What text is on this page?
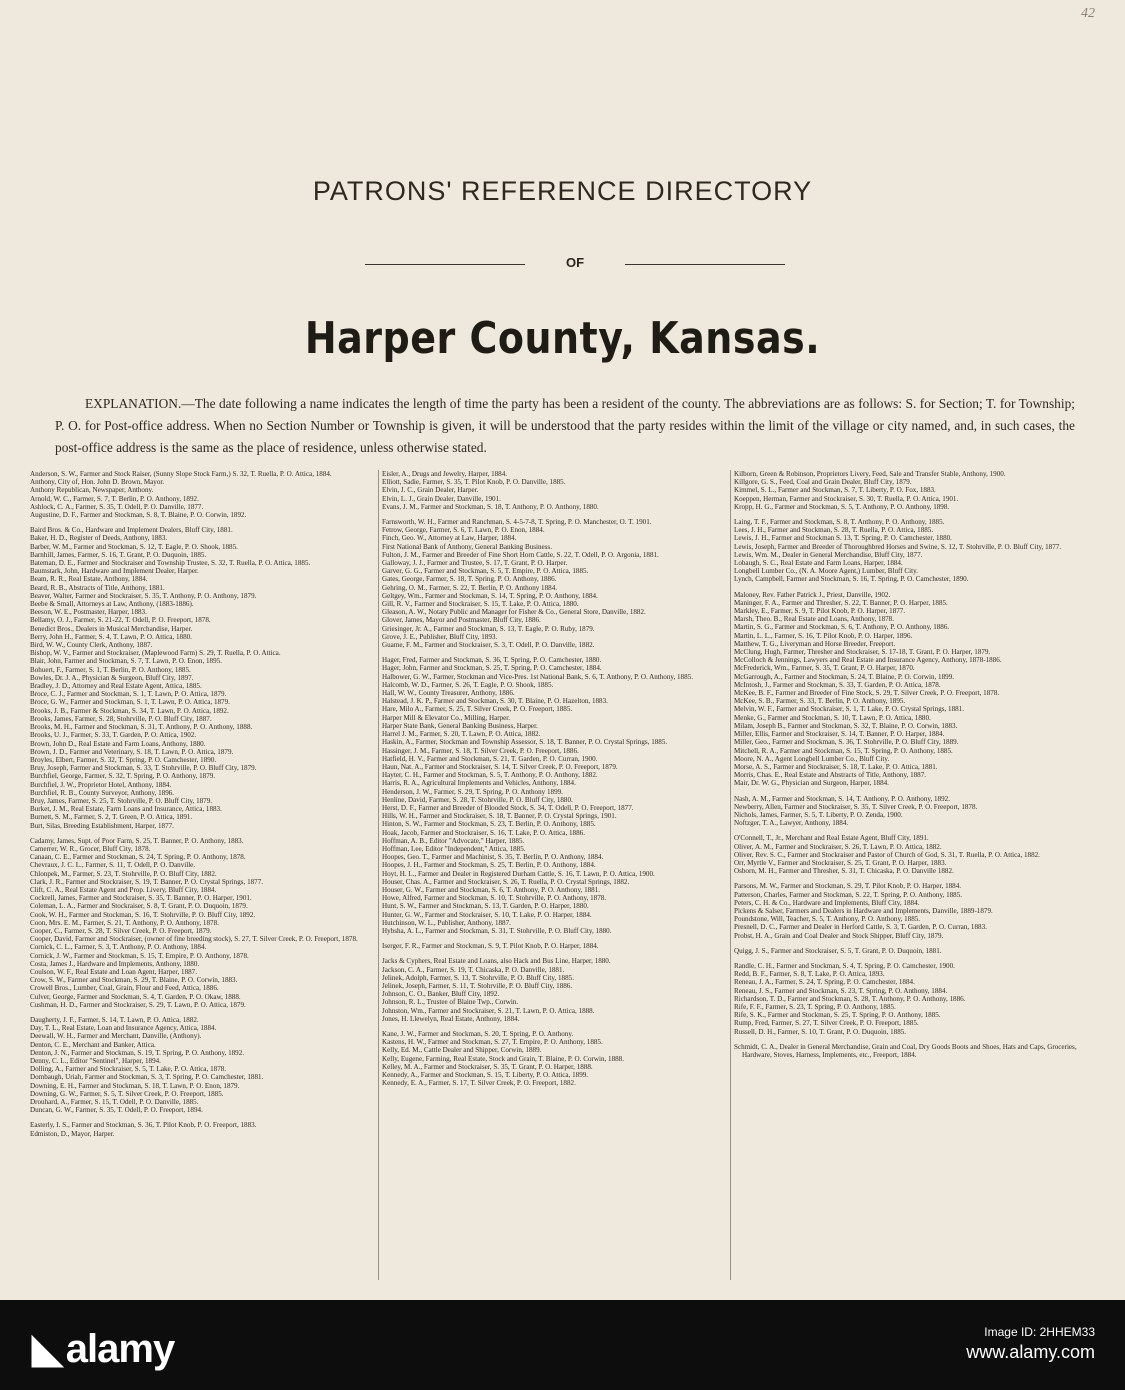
42
PATRONS' REFERENCE DIRECTORY
OF
Harper County, Kansas.
EXPLANATION.—The date following a name indicates the length of time the party has been a resident of the county. The abbreviations are as follows: S. for Section; T. for Township; P. O. for Post-office address. When no Section Number or Township is given, it will be understood that the party resides within the limit of the village or city named, and, in such cases, the post-office address is the same as the place of residence, unless otherwise stated.

Anderson, S. W., Farmer and Stock Raiser, (Sunny Slope Stock Farm,) S. 32, T. Ruella, P. O. Attica, 1884.

Anthony, City of, Hon. John D. Brown, Mayor.

Anthony Republican, Newspaper, Anthony.

Arnold, W. C., Farmer, S. 7, T. Berlin, P. O. Anthony, 1892.

Ashlock, C. A., Farmer, S. 35, T. Odell, P. O. Danville, 1877.

Augustine, D. F., Farmer and Stockman, S. 8, T. Blaine, P. O. Corwin, 1892.

Baird Bros. & Co., Hardware and Implement Dealers, Bluff City, 1881.

Baker, H. D., Register of Deeds, Anthony, 1883.

Barber, W. M., Farmer and Stockman, S. 12, T. Eagle, P. O. Shook, 1885.

Barnhill, James, Farmer, S. 16, T. Grant, P. O. Duquoin, 1885.

Bateman, D. E., Farmer and Stockraiser and Township Trustee, S. 32, T. Ruella, P. O. Attica, 1885.

Baumstark, John, Hardware and Implement Dealer, Harper.

Beam, R. R., Real Estate, Anthony, 1884.

Beard, R. B., Abstracts of Title, Anthony, 1881.

Beaver, Walter, Farmer and Stockraiser, S. 35, T. Anthony, P. O. Anthony, 1879.

Beebe & Small, Attorneys at Law, Anthony, (1883-1886).

Beeson, W. E., Postmaster, Harper, 1883.

Bellamy, O. J., Farmer, S. 21-22, T. Odell, P. O. Freeport, 1878.

Benedict Bros., Dealers in Musical Merchandise, Harper.

Berry, John H., Farmer, S. 4, T. Lawn, P. O. Attica, 1880.

Bird, W. W., County Clerk, Anthony, 1887.

Bishop, W. V., Farmer and Stockraiser, (Maplewood Farm) S. 29, T. Ruella, P. O. Attica.

Blair, John, Farmer and Stockman, S. 7, T. Lawn, P. O. Enon, 1895.

Bohuert, F., Farmer, S. 1, T. Berlin, P. O. Anthony, 1885.

Bowles, Dr. J. A., Physician & Surgeon, Bluff City, 1897.

Bradley, J. D., Attorney and Real Estate Agent, Attica, 1885.

Broce, C. J., Farmer and Stockman, S. 1, T. Lawn, P. O. Attica, 1879.

Broce, G. W., Farmer and Stockman, S. 1, T. Lawn, P. O. Attica, 1879.

Brooks, J. B., Farmer & Stockman, S. 34, T. Lawn, P. O. Attica, 1892.

Brooks, James, Farmer, S. 28, Stohrville, P. O. Bluff City, 1887.

Brooks, M. H., Farmer and Stockman, S. 31, T. Anthony, P. O. Anthony, 1888.

Brooks, U. J., Farmer, S. 33, T. Garden, P. O. Attica, 1902.

Brown, John D., Real Estate and Farm Loans, Anthony, 1880.

Brown, J. D., Farmer and Veterinary, S. 18, T. Lawn, P. O. Attica, 1879.

Broyles, Elbert, Farmer, S. 32, T. Spring, P. O. Camchester, 1890.

Bruy, Joseph, Farmer and Stockman, S. 33, T. Stohrville, P. O. Bluff City, 1879.

Burchfiel, George, Farmer, S. 32, T. Spring, P. O. Anthony, 1879.

Burchfiel, J. W., Proprietor Hotel, Anthony, 1884.

Burchfiel, R. B., County Surveyor, Anthony, 1896.

Bruy, James, Farmer, S. 25, T. Stohrville, P. O. Bluff City, 1879.

Burket, J. M., Real Estate, Farm Loans and Insurance, Attica, 1883.

Burnett, S. M., Farmer, S. 2, T. Green, P. O. Attica, 1891.

Burt, Silas, Breeding Establishment, Harper, 1877.

Cadamy, James, Supt. of Poor Farm, S. 25, T. Banner, P. O. Anthony, 1883.

Camerrer, W. R., Grocer, Bluff City, 1878.

Canaan, C. E., Farmer and Stockman, S. 24, T. Spring, P. O. Anthony, 1878.

Chevraux, J. C. L., Farmer, S. 11, T. Odell, P. O. Danville.

Chlonpek, M., Farmer, S. 23, T. Stohrville, P. O. Bluff City, 1882.

Clark, J. R., Farmer and Stockraiser, S. 19, T. Banner, P. O. Crystal Springs, 1877.

Clift, C. A., Real Estate Agent and Prop. Livery, Bluff City, 1884.

Cockrell, James, Farmer and Stockraiser, S. 35, T. Banner, P. O. Harper, 1901.

Coleman, L. A., Farmer and Stockraiser, S. 8, T. Grant, P. O. Duquoin, 1879.

Cook, W. H., Farmer and Stockman, S. 16, T. Stohrville, P. O. Bluff City, 1892.

Coon, Mrs. E. M., Farmer, S. 21, T. Anthony, P. O. Anthony, 1878.

Cooper, C., Farmer, S. 28, T. Silver Creek, P. O. Freeport, 1879.

Cooper, David, Farmer and Stockraiser, (owner of fine breeding stock), S. 27, T. Silver Creek, P. O. Freeport, 1878.

Cornick, C. L., Farmer, S. 3, T. Anthony, P. O. Anthony, 1884.

Cornick, J. W., Farmer and Stockman, S. 15, T. Empire, P. O. Anthony, 1878.

Costa, James J., Hardware and Implements, Anthony, 1880.

Coulson, W. F., Real Estate and Loan Agent, Harper, 1887.

Crow, S. W., Farmer and Stockman, S. 29, T. Blaine, P. O. Corwin, 1883.

Crowell Bros., Lumber, Coal, Grain, Flour and Feed, Attica, 1886.

Culver, George, Farmer and Stockman, S. 4, T. Garden, P. O. Okaw, 1888.

Cushman, H. D., Farmer and Stockraiser, S. 29, T. Lawn, P. O. Attica, 1879.

Daugherty, J. F., Farmer, S. 14, T. Lawn, P. O. Attica, 1882.

Day, T. L., Real Estate, Loan and Insurance Agency, Attica, 1884.

Deewall, W. H., Farmer and Merchant, Danville, (Anthony).

Denton, C. E., Merchant and Banker, Attica.

Denton, J. N., Farmer and Stockman, S. 19, T. Spring, P. O. Anthony, 1892.

Denny, C. L., Editor "Sentinel", Harper, 1894.

Dolling, A., Farmer and Stockraiser, S. 5, T. Lake, P. O. Attica, 1878.

Dombaugh, Uriah, Farmer and Stockman, S. 3, T. Spring, P. O. Camchester, 1881.

Downing, E. H., Farmer and Stockman, S. 18, T. Lawn, P. O. Enon, 1879.

Downing, G. W., Farmer, S. 5, T. Silver Creek, P. O. Freeport, 1885.

Drouhard, A., Farmer, S. 15, T. Odell, P. O. Danville, 1885.

Duncan, G. W., Farmer, S. 35, T. Odell, P. O. Freeport, 1894.

Easterly, I. S., Farmer and Stockman, S. 36, T. Pilot Knob, P. O. Freeport, 1883.

Edmiston, D., Mayor, Harper.

Eisler, A., Drugs and Jewelry, Harper, 1884.

Elliott, Sadie, Farmer, S. 35, T. Pilot Knob, P. O. Danville, 1885.

Elvin, J. C., Grain Dealer, Harper.

Elvin, L. J., Grain Dealer, Danville, 1901.

Evans, J. M., Farmer and Stockman, S. 18, T. Anthony, P. O. Anthony, 1880.

Farnsworth, W. H., Farmer and Ranchman, S. 4-5-7-8, T. Spring, P. O. Manchester, O. T. 1901.

Fetrow, George, Farmer, S. 6, T. Lawn, P. O. Enon, 1884.

Finch, Geo. W., Attorney at Law, Harper, 1884.

First National Bank of Anthony, General Banking Business.

Fulton, J. M., Farmer and Breeder of Fine Short Horn Cattle, S. 22, T. Odell, P. O. Argonia, 1881.

Galloway, J. J., Farmer and Trustee, S. 17, T. Grant, P. O. Harper.

Garver, G. G., Farmer and Stockman, S. 5, T. Empire, P. O. Attica, 1885.

Gates, George, Farmer, S. 18, T. Spring, P. O. Anthony, 1886.

Gehring, O. M., Farmer, S. 22, T. Berlin, P. O. Anthony 1884.

Geltgey, Wm., Farmer and Stockman, S. 14, T. Spring, P. O. Anthony, 1884.

Gill, R. V., Farmer and Stockraiser, S. 15, T. Lake, P. O. Attica, 1880.

Gleason, A. W., Notary Public and Manager for Fisher & Co., General Store, Danville, 1882.

Glover, James, Mayor and Postmaster, Bluff City, 1886.

Griesinger, Jr. A., Farmer and Stockman, S. 13, T. Eagle, P. O. Ruby, 1879.

Grove, J. E., Publisher, Bluff City, 1893.

Guame, F. M., Farmer and Stockraiser, S. 3, T. Odell, P. O. Danville, 1882.

Hager, Fred, Farmer and Stockman, S. 36, T. Spring, P. O. Camchester, 1880.

Hager, John, Farmer and Stockman, S. 25, T. Spring, P. O. Camchester, 1884.

Halbower, G. W., Farmer, Stockman and Vice-Pres. 1st National Bank, S. 6, T. Anthony, P. O. Anthony, 1885.

Halcomb, W. D., Farmer, S. 26, T. Eagle, P. O. Shook, 1885.

Hall, W. W., County Treasurer, Anthony, 1886.

Halstead, J. K. P., Farmer and Stockman, S. 30, T. Blaine, P. O. Hazelton, 1883.

Hare, Milo A., Farmer, S. 25, T. Silver Creek, P. O. Freeport, 1885.

Harper Mill & Elevator Co., Milling, Harper.

Harper State Bank, General Banking Business, Harper.

Harrel J. M., Farmer, S. 20, T. Lawn, P. O. Attica, 1882.

Haskin, A., Farmer, Stockman and Township Assessor, S. 18, T. Banner, P. O. Crystal Springs, 1885.

Hassinger, J. M., Farmer, S. 18, T. Silver Creek, P. O. Freeport, 1886.

Hatfield, H. V., Farmer and Stockman, S. 21, T. Garden, P. O. Curran, 1900.

Haun, Nat. A., Farmer and Stockraiser, S. 14, T. Silver Creek, P. O. Freeport, 1879.

Hayter, C. H., Farmer and Stockman, S. 5, T. Anthony, P. O. Anthony, 1882.

Harris, R. A., Agricultural Implements and Vehicles, Anthony, 1884.

Henderson, J. W., Farmer, S. 29, T. Spring, P. O. Anthony 1899.

Henline, David, Farmer, S. 28, T. Stohrville, P. O. Bluff City, 1880.

Herst, D. F., Farmer and Breeder of Blooded Stock, S. 34, T. Odell, P. O. Freeport, 1877.

Hills, W. H., Farmer and Stockraiser, S. 18, T. Banner, P. O. Crystal Springs, 1901.

Hinton, S. W., Farmer and Stockman, S. 23, T. Berlin, P. O. Anthony, 1885.

Hoak, Jacob, Farmer and Stockraiser, S. 16, T. Lake, P. O. Attica, 1886.

Hoffman, A. B., Editor "Advocate," Harper, 1885.

Hoffman, Lee, Editor "Independent," Attica, 1885.

Hoopes, Geo. T., Farmer and Machinist, S. 35, T. Berlin, P. O. Anthony, 1884.

Hoopes, J. H., Farmer and Stockman, S. 25, T. Berlin, P. O. Anthony, 1884.

Hoyt, H. L., Farmer and Dealer in Registered Durham Cattle, S. 16, T. Lawn, P. O. Attica, 1900.

Houser, Chas. A., Farmer and Stockraiser, S. 26, T. Ruella, P. O. Crystal Springs, 1882.

Houser, G. W., Farmer and Stockman, S. 6, T. Anthony, P. O. Anthony, 1881.

Howe, Alfred, Farmer and Stockman, S. 10, T. Stohrville, P. O. Anthony, 1878.

Hunt, S. W., Farmer and Stockman, S. 13, T. Garden, P. O. Harper, 1880.

Hunter, G. W., Farmer and Stockraiser, S. 10, T. Lake, P. O. Harper, 1884.

Hutchinson, W. L., Publisher, Anthony, 1887.

Hybsha, A. L., Farmer and Stockman, S. 31, T. Stohrville, P. O. Bluff City, 1880.

Iserger, F. R., Farmer and Stockman, S. 9, T. Pilot Knob, P. O. Harper, 1884.

Jacks & Cyphers, Real Estate and Loans, also Hack and Bus Line, Harper, 1880.

Jackson, C. A., Farmer, S. 19, T. Chicaska, P. O. Danville, 1881.

Jelinek, Adolph, Farmer, S. 13, T. Stohrville, P. O. Bluff City, 1885.

Jelinek, Joseph, Farmer, S. 11, T. Stohrville, P. O. Bluff City, 1886.

Johnson, C. O., Banker, Bluff City, 1892.

Johnson, R. L., Trustee of Blaine Twp., Corwin.

Johnston, Wm., Farmer and Stockraiser, S. 21, T. Lawn, P. O. Attica, 1888.

Jones, H. Llewelyn, Real Estate, Anthony, 1884.

Kane, J. W., Farmer and Stockman, S. 20, T. Spring, P. O. Anthony.

Kastens, H. W., Farmer and Stockman, S. 27, T. Empire, P. O. Anthony, 1885.

Kelly, Ed. M., Cattle Dealer and Shipper, Corwin, 1889.

Kelly, Eugene, Farming, Real Estate, Stock and Grain, T. Blaine, P. O. Corwin, 1888.

Kelley, M. A., Farmer and Stockraiser, S. 35, T. Grant, P. O. Harper, 1888.

Kennedy, A., Farmer and Stockman, S. 15, T. Liberty, P. O. Attica, 1899.

Kennedy, E. A., Farmer, S. 17, T. Silver Creek, P. O. Freeport, 1882.

Kilborn, Green & Robinson, Proprietors Livery, Feed, Sale and Transfer Stable, Anthony, 1900.

Killgore, G. S., Feed, Coal and Grain Dealer, Bluff City, 1879.

Kimmel, S. L., Farmer and Stockman, S. 7, T. Liberty, P. O. Fox, 1883.

Koeppen, Herman, Farmer and Stockraiser, S. 30, T. Ruella, P. O. Attica, 1901.

Kropp, H. G., Farmer and Stockman, S. 5, T. Anthony, P. O. Anthony, 1898.

Laing, T. F., Farmer and Stockman, S. 8, T. Anthony, P. O. Anthony, 1885.

Lees, J. H., Farmer and Stockman, S. 28, T. Ruella, P. O. Attica, 1885.

Lewis, J. H., Farmer and Stockman S. 13, T. Spring, P. O. Camchester, 1880.

Lewis, Joseph, Farmer and Breeder of Thoroughbred Horses and Swine, S. 12, T. Stohrville, P. O. Bluff City, 1877.

Lewis, Wm. M., Dealer in General Merchandise, Bluff City, 1877.

Lobaugh, S. C., Real Estate and Farm Loans, Harper, 1884.

Longbell Lumber Co., (N. A. Moore Agent,) Lumber, Bluff City.

Lynch, Campbell, Farmer and Stockman, S. 16, T. Spring, P. O. Camchester, 1890.

Maloney, Rev. Father Patrick J., Priest, Danville, 1902.

Maninger, F. A., Farmer and Thresher, S. 22, T. Banner, P. O. Harper, 1885.

Markley, E., Farmer, S. 9, T. Pilot Knob, P. O. Harper, 1877.

Marsh, Theo. B., Real Estate and Loans, Anthony, 1878.

Martin, S. G., Farmer and Stockman, S. 6, T. Anthony, P. O. Anthony, 1886.

Martin, L. L., Farmer, S. 16, T. Pilot Knob, P. O. Harper, 1896.

Matthew, T. G., Liveryman and Horse Breeder, Freeport.

McClung, Hugh, Farmer, Thresher and Stockraiser, S. 17-18, T. Grant, P. O. Harper, 1879.

McColloch & Jennings, Lawyers and Real Estate and Insurance Agency, Anthony, 1878-1886.

McFrederick, Wm., Farmer, S. 35, T. Grant, P. O. Harper, 1870.

McGarrough, A., Farmer and Stockman, S. 24, T. Blaine, P. O. Corwin, 1899.

McIntosh, J., Farmer and Stockman, S. 33, T. Garden, P. O. Attica, 1878.

McKee, B. F., Farmer and Breeder of Fine Stock, S. 29, T. Silver Creek, P. O. Freeport, 1878.

McKee, S. B., Farmer, S. 33, T. Berlin, P. O. Anthony, 1895.

Melvin, W. F., Farmer and Stockraiser, S. 1, T. Lake, P. O. Crystal Springs, 1881.

Menke, G., Farmer and Stockman, S. 10, T. Lawn, P. O. Attica, 1880.

Milam, Joseph B., Farmer and Stockman, S. 32, T. Blaine, P. O. Corwin, 1883.

Miller, Ellis, Farmer and Stockraiser, S. 14, T. Banner, P. O. Harper, 1884.

Miller, Geo., Farmer and Stockman, S. 36, T. Stohrville, P. O. Bluff City, 1889.

Mitchell, R. A., Farmer and Stockman, S. 15, T. Spring, P. O. Anthony, 1885.

Moore, N. A., Agent Longbell Lumber Co., Bluff City.

Morse, A. S., Farmer and Stockraiser, S. 18, T. Lake, P. O. Attica, 1881.

Morris, Chas. E., Real Estate and Abstracts of Title, Anthony, 1887.

Mair, Dr. W. G., Physician and Surgeon, Harper, 1884.

Nash, A. M., Farmer and Stockman, S. 14, T. Anthony, P. O. Anthony, 1892.

Newberry, Allen, Farmer and Stockraiser, S. 35, T. Silver Creek, P. O. Freeport, 1878.

Nichols, James, Farmer, S. 5, T. Liberty, P. O. Zenda, 1900.

Noftzger, T. A., Lawyer, Anthony, 1884.

O'Connell, T., Jr., Merchant and Real Estate Agent, Bluff City, 1891.

Oliver, A. M., Farmer and Stockraiser, S. 26, T. Lawn, P. O. Attica, 1882.

Oliver, Rev. S. C., Farmer and Stockraiser and Pastor of Church of God, S. 31, T. Ruella, P. O. Attica, 1882.

Orr, Myrtle V., Farmer and Stockraiser, S. 25, T. Grant, P. O. Harper, 1883.

Osborn, M. H., Farmer and Thresher, S. 31, T. Chicaska, P. O. Danville 1882.

Parsons, M. W., Farmer and Stockman, S. 29, T. Pilot Knob, P. O. Harper, 1884.

Patterson, Charles, Farmer and Stockman, S. 22, T. Spring, P. O. Anthony, 1885.

Peters, C. H. & Co., Hardware and Implements, Bluff City, 1884.

Pickens & Salser, Farmers and Dealers in Hardware and Implements, Danville, 1889-1879.

Poundstone, Will, Teacher, S. 5, T. Anthony, P. O. Anthony, 1885.

Presnell, D. C., Farmer and Dealer in Herford Cattle, S. 3, T. Garden, P. O. Curran, 1883.

Probst, H. A., Grain and Coal Dealer and Stock Shipper, Bluff City, 1879.

Quigg, J. S., Farmer and Stockraiser, S. 5, T. Grant, P. O. Duquoin, 1881.

Randle, C. H., Farmer and Stockman, S. 4, T. Spring, P. O. Camchester, 1900.

Redd, B. F., Farmer, S. 8, T. Lake, P. O. Attica, 1893.

Reneau, J. A., Farmer, S. 24, T. Spring, P. O. Camchester, 1884.

Reneau, J. S., Farmer and Stockman, S. 23, T. Spring, P. O. Anthony, 1884.

Richardson, T. D., Farmer and Stockman, S. 28, T. Anthony, P. O. Anthony, 1886.

Rife, F. F., Farmer, S. 23, T. Spring, P. O. Anthony, 1885.

Rife, S. K., Farmer and Stockman, S. 25, T. Spring, P. O. Anthony, 1885.

Rump, Fred, Farmer, S. 27, T. Silver Creek, P. O. Freeport, 1885.

Russell, D. H., Farmer, S. 10, T. Grant, P. O. Duquoin, 1885.

Schmidt, C. A., Dealer in General Merchandise, Grain and Coal, Dry Goods Boots and Shoes, Hats and Caps, Groceries, Hardware, Stoves, Harness, Implements, etc., Freeport, 1884.

◣ alamy	Image ID: 2HHEM33
www.alamy.com
